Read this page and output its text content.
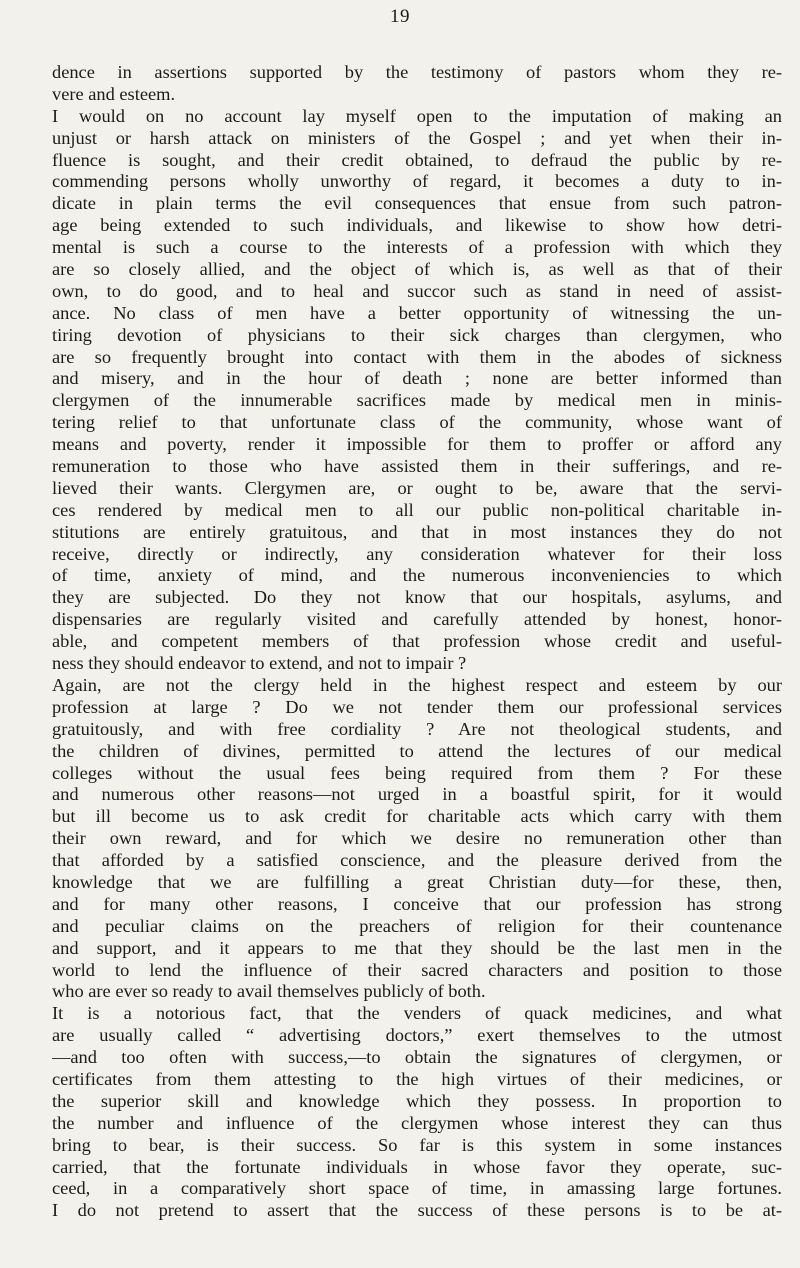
19
dence in assertions supported by the testimony of pastors whom they re-
vere and esteem.
I would on no account lay myself open to the imputation of making an
unjust or harsh attack on ministers of the Gospel ; and yet when their in-
fluence is sought, and their credit obtained, to defraud the public by re-
commending persons wholly unworthy of regard, it becomes a duty to in-
dicate in plain terms the evil consequences that ensue from such patron-
age being extended to such individuals, and likewise to show how detri-
mental is such a course to the interests of a profession with which they
are so closely allied, and the object of which is, as well as that of their
own, to do good, and to heal and succor such as stand in need of assist-
ance. No class of men have a better opportunity of witnessing the un-
tiring devotion of physicians to their sick charges than clergymen, who
are so frequently brought into contact with them in the abodes of sickness
and misery, and in the hour of death ; none are better informed than
clergymen of the innumerable sacrifices made by medical men in minis-
tering relief to that unfortunate class of the community, whose want of
means and poverty, render it impossible for them to proffer or afford any
remuneration to those who have assisted them in their sufferings, and re-
lieved their wants. Clergymen are, or ought to be, aware that the servi-
ces rendered by medical men to all our public non-political charitable in-
stitutions are entirely gratuitous, and that in most instances they do not
receive, directly or indirectly, any consideration whatever for their loss
of time, anxiety of mind, and the numerous inconveniencies to which
they are subjected. Do they not know that our hospitals, asylums, and
dispensaries are regularly visited and carefully attended by honest, honor-
able, and competent members of that profession whose credit and useful-
ness they should endeavor to extend, and not to impair ?
Again, are not the clergy held in the highest respect and esteem by our
profession at large ? Do we not tender them our professional services
gratuitously, and with free cordiality ? Are not theological students, and
the children of divines, permitted to attend the lectures of our medical
colleges without the usual fees being required from them ? For these
and numerous other reasons—not urged in a boastful spirit, for it would
but ill become us to ask credit for charitable acts which carry with them
their own reward, and for which we desire no remuneration other than
that afforded by a satisfied conscience, and the pleasure derived from the
knowledge that we are fulfilling a great Christian duty—for these, then,
and for many other reasons, I conceive that our profession has strong
and peculiar claims on the preachers of religion for their countenance
and support, and it appears to me that they should be the last men in the
world to lend the influence of their sacred characters and position to those
who are ever so ready to avail themselves publicly of both.
It is a notorious fact, that the venders of quack medicines, and what
are usually called “ advertising doctors,” exert themselves to the utmost
—and too often with success,—to obtain the signatures of clergymen, or
certificates from them attesting to the high virtues of their medicines, or
the superior skill and knowledge which they possess. In proportion to
the number and influence of the clergymen whose interest they can thus
bring to bear, is their success. So far is this system in some instances
carried, that the fortunate individuals in whose favor they operate, suc-
ceed, in a comparatively short space of time, in amassing large fortunes.
I do not pretend to assert that the success of these persons is to be at-
